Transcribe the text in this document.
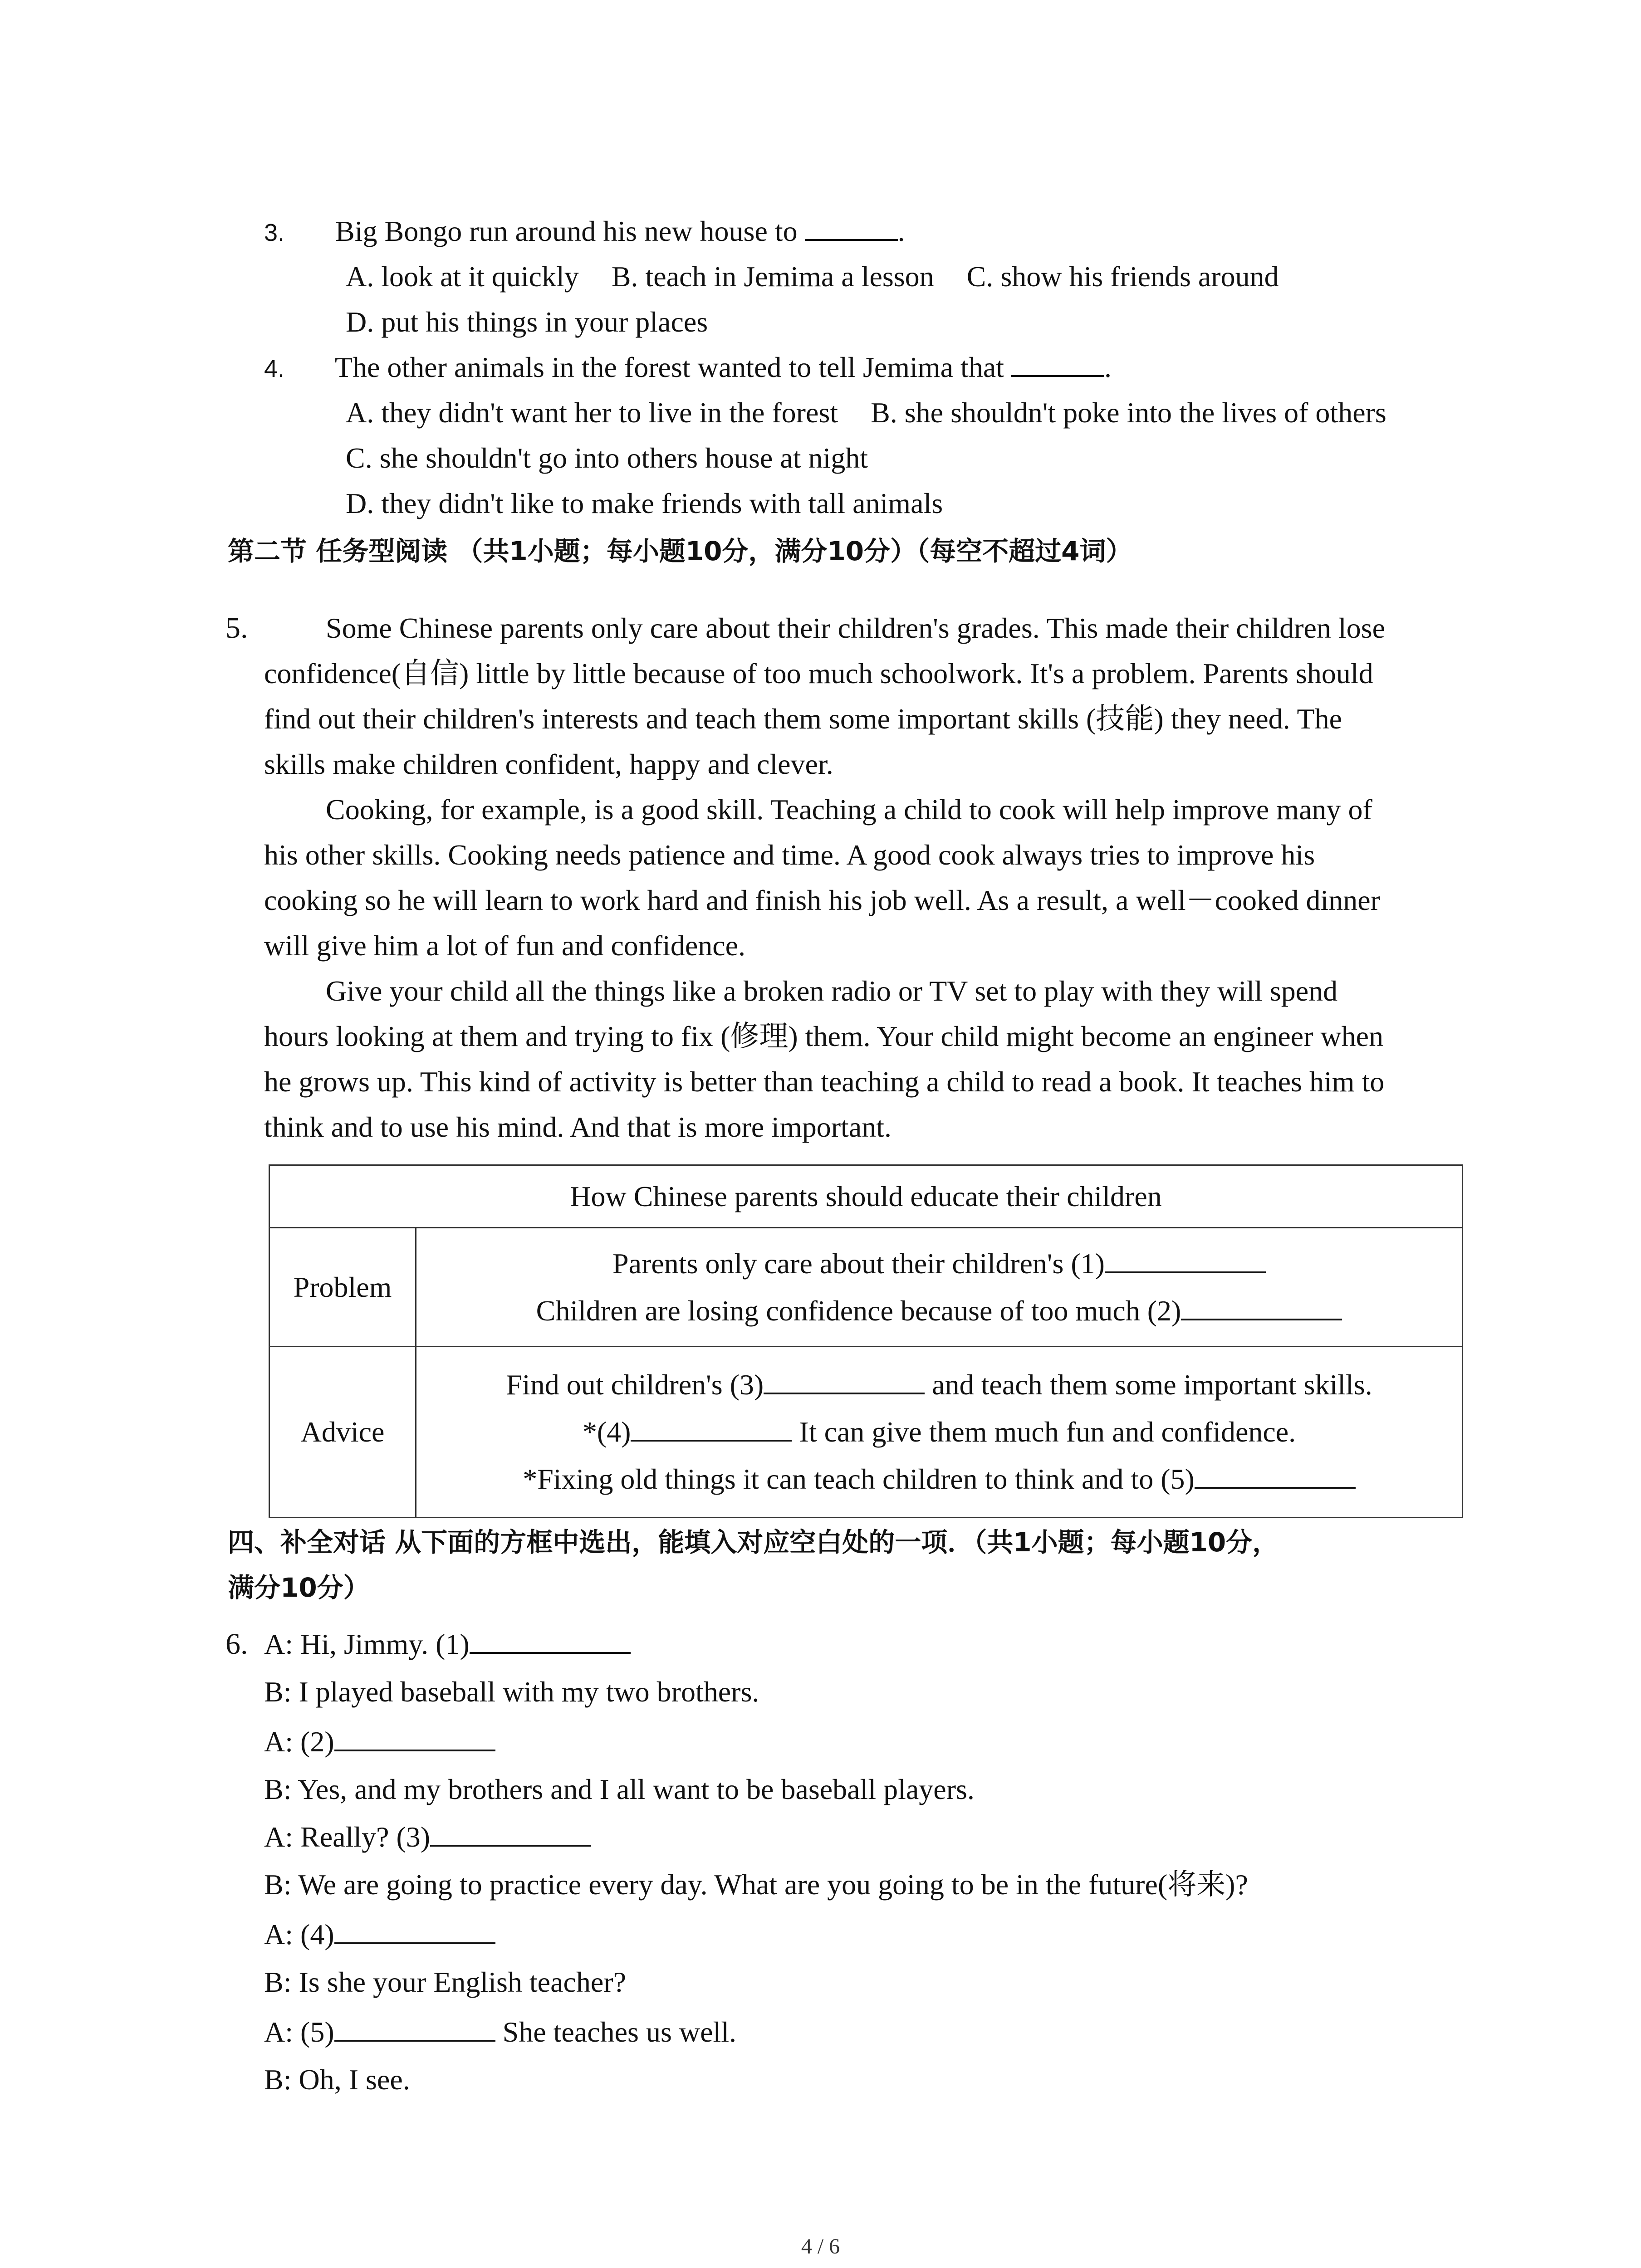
3. Big Bongo run around his new house to	.
A. look at it quickly B. teach in Jemima a lesson C. show his friends around
D. put his things in your places
4. The other animals in the forest wanted to tell Jemima that	.
A. they didn't want her to live in the forest B. she shouldn't poke into the lives of others
C. she shouldn't go into others house at night
D. they didn't like to make friends with tall animals
第二节 任务型阅读 （共1小题；每小题10分，满分10分）（每空不超过4词）
5.	Some Chinese parents only care about their children's grades. This made their children lose
confidence(自信) little by little because of too much schoolwork. It's a problem. Parents should
find out their children's interests and teach them some important skills (技能) they need. The
skills make children confident, happy and clever.
Cooking, for example, is a good skill. Teaching a child to cook will help improve many of
his other skills. Cooking needs patience and time. A good cook always tries to improve his
cooking so he will learn to work hard and finish his job well. As a result, a well－cooked dinner
will give him a lot of fun and confidence.
Give your child all the things like a broken radio or TV set to play with they will spend
hours looking at them and trying to fix (修理) them. Your child might become an engineer when
he grows up. This kind of activity is better than teaching a child to read a book. It teaches him to
think and to use his mind. And that is more important.
How Chinese parents should educate their children	
Problem	Parents only care about their children's (1)
Children are losing confidence because of too much (2)

Advice	Find out children's (3) and teach them some important skills.
*(4) It can give them much fun and confidence.
*Fixing old things it can teach children to think and to (5)
四、补全对话 从下面的方框中选出，能填入对应空白处的一项．（共1小题；每小题10分，
满分10分）
6. A: Hi, Jimmy. (1)
B: I played baseball with my two brothers.
A: (2)
B: Yes, and my brothers and I all want to be baseball players.
A: Really? (3)
B: We are going to practice every day. What are you going to be in the future(将来)?
A: (4)
B: Is she your English teacher?
A: (5)	She teaches us well.
B: Oh, I see.
4 / 6
